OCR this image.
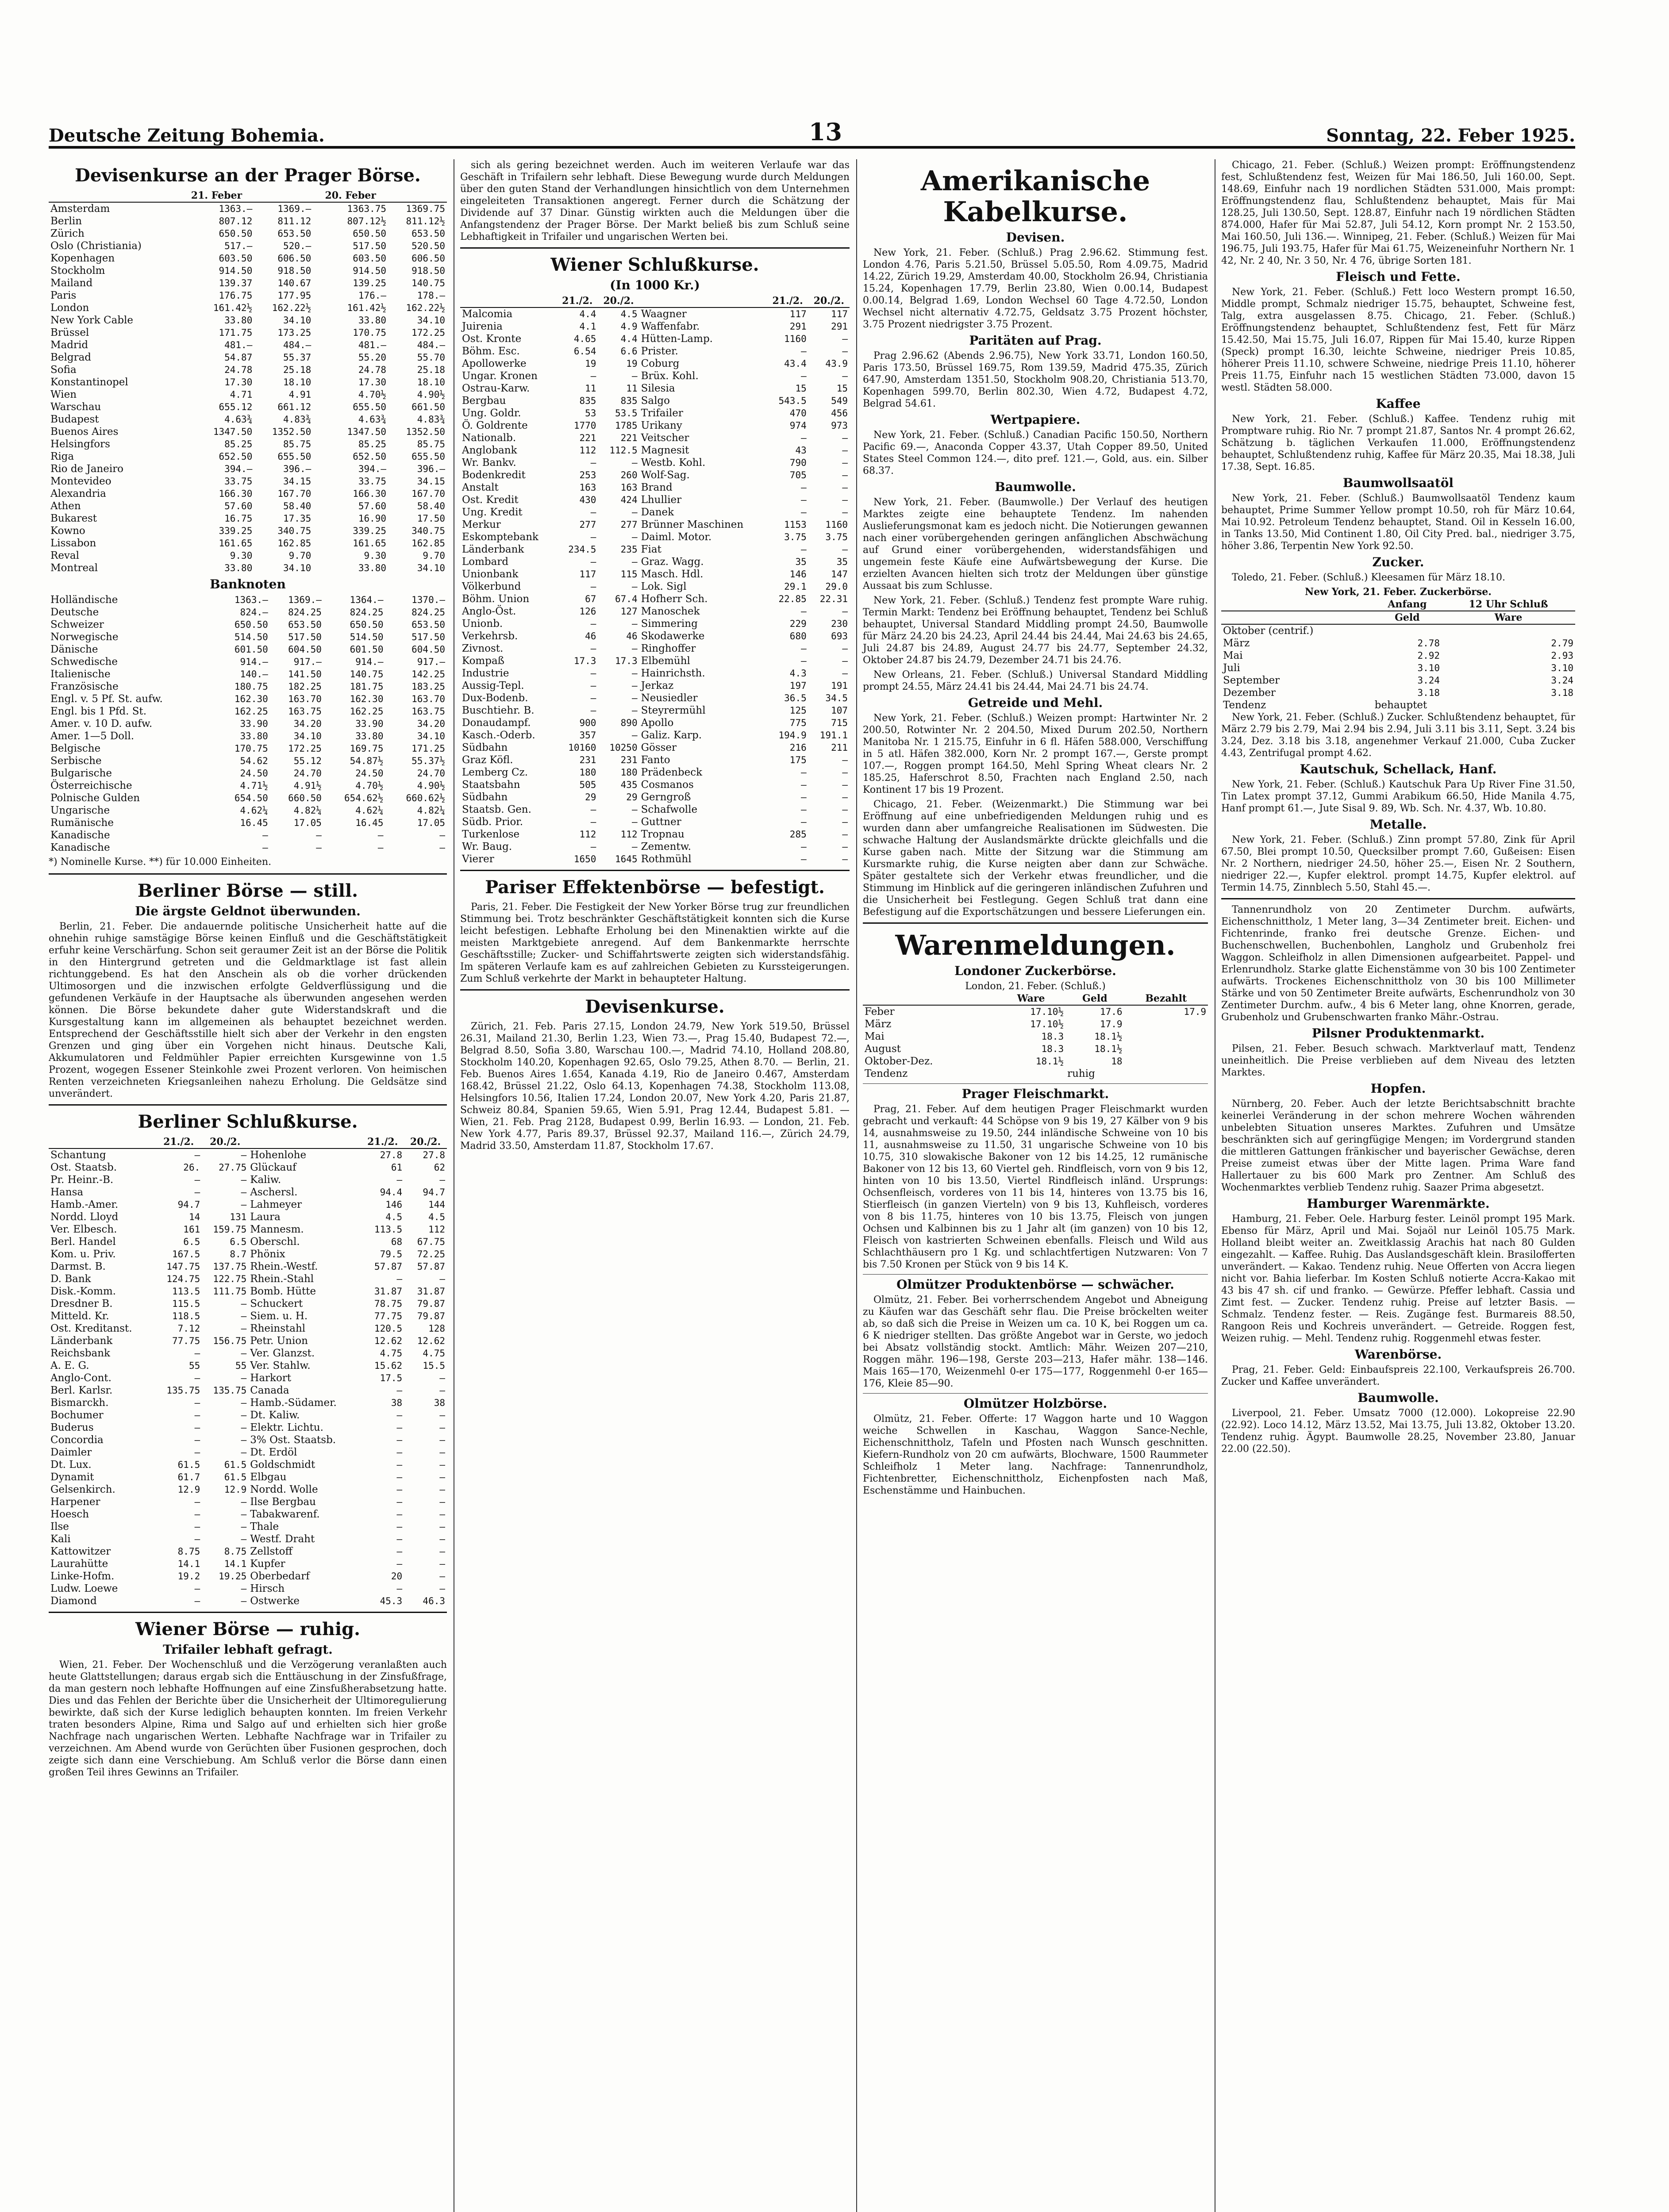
Deutsche Zeitung Bohemia.	13	Sonntag, 22. Feber 1925.
Devisenkurse an der Prager Börse.
	21. Feber		20. Feber	
Amsterdam	1363.—	1369.—	1363.75	1369.75
Berlin	807.12	811.12	807.12½	811.12½
Zürich	650.50	653.50	650.50	653.50
Oslo (Christiania)	517.—	520.—	517.50	520.50
Kopenhagen	603.50	606.50	603.50	606.50
Stockholm	914.50	918.50	914.50	918.50
Mailand	139.37	140.67	139.25	140.75
Paris	176.75	177.95	176.—	178.—
London	161.42½	162.22½	161.42½	162.22½
New York Cable	33.80	34.10	33.80	34.10
Brüssel	171.75	173.25	170.75	172.25
Madrid	481.—	484.—	481.—	484.—
Belgrad	54.87	55.37	55.20	55.70
Sofia	24.78	25.18	24.78	25.18
Konstantinopel	17.30	18.10	17.30	18.10
Wien	4.71	4.91	4.70½	4.90½
Warschau	655.12	661.12	655.50	661.50
Budapest	4.63¾	4.83¾	4.63¾	4.83¾
Buenos Aires	1347.50	1352.50	1347.50	1352.50
Helsingfors	85.25	85.75	85.25	85.75
Riga	652.50	655.50	652.50	655.50
Rio de Janeiro	394.—	396.—	394.—	396.—
Montevideo	33.75	34.15	33.75	34.15
Alexandria	166.30	167.70	166.30	167.70
Athen	57.60	58.40	57.60	58.40
Bukarest	16.75	17.35	16.90	17.50
Kowno	339.25	340.75	339.25	340.75
Lissabon	161.65	162.85	161.65	162.85
Reval	9.30	9.70	9.30	9.70
Montreal	33.80	34.10	33.80	34.10
Banknoten
Holländische	1363.—	1369.—	1364.—	1370.—
Deutsche	824.—	824.25	824.25	824.25
Schweizer	650.50	653.50	650.50	653.50
Norwegische	514.50	517.50	514.50	517.50
Dänische	601.50	604.50	601.50	604.50
Schwedische	914.—	917.—	914.—	917.—
Italienische	140.—	141.50	140.75	142.25
Französische	180.75	182.25	181.75	183.25
Engl. v. 5 Pf. St. aufw.	162.30	163.70	162.30	163.70
Engl. bis 1 Pfd. St.	162.25	163.75	162.25	163.75
Amer. v. 10 D. aufw.	33.90	34.20	33.90	34.20
Amer. 1—5 Doll.	33.80	34.10	33.80	34.10
Belgische	170.75	172.25	169.75	171.25
Serbische	54.62	55.12	54.87½	55.37½
Bulgarische	24.50	24.70	24.50	24.70
Österreichische	4.71½	4.91½	4.70½	4.90½
Polnische Gulden	654.50	660.50	654.62½	660.62½
Ungarische	4.62¼	4.82¼	4.62¼	4.82¼
Rumänische	16.45	17.05	16.45	17.05
Kanadische	—	—	—	—
Kanadische	—	—	—	—
*) Nominelle Kurse. **) für 10.000 Einheiten.
Berliner Börse — still.
Die ärgste Geldnot überwunden.

Berlin, 21. Feber. Die andauernde politische Unsicherheit hatte auf die ohnehin ruhige samstägige Börse keinen Einfluß und die Geschäftstätigkeit erfuhr keine Verschärfung. Schon seit geraumer Zeit ist an der Börse die Politik in den Hintergrund getreten und die Geldmarktlage ist fast allein richtunggebend. Es hat den Anschein als ob die vorher drückenden Ultimosorgen und die inzwischen erfolgte Geldverflüssigung und die gefundenen Verkäufe in der Hauptsache als überwunden angesehen werden können. Die Börse bekundete daher gute Widerstandskraft und die Kursgestaltung kann im allgemeinen als behauptet bezeichnet werden. Entsprechend der Geschäftsstille hielt sich aber der Verkehr in den engsten Grenzen und ging über ein Vorgehen nicht hinaus. Deutsche Kali, Akkumulatoren und Feldmühler Papier erreichten Kursgewinne von 1.5 Prozent, wogegen Essener Steinkohle zwei Prozent verloren. Von heimischen Renten verzeichneten Kriegsanleihen nahezu Erholung. Die Geldsätze sind unverändert.

Berliner Schlußkurse.
	21./2.	20./2.		21./2.	20./2.
Schantung	—	—	Hohenlohe	27.8	27.8
Ost. Staatsb.	26.	27.75	Glückauf	61	62
Pr. Heinr.-B.	—	—	Kaliw.	—	—
Hansa	—	—	Aschersl.	94.4	94.7
Hamb.-Amer.	94.7	—	Lahmeyer	146	144
Nordd. Lloyd	14	131	Laura	4.5	4.5
Ver. Elbesch.	161	159.75	Mannesm.	113.5	112
Berl. Handel	6.5	6.5	Oberschl.	68	67.75
Kom. u. Priv.	167.5	8.7	Phönix	79.5	72.25
Darmst. B.	147.75	137.75	Rhein.-Westf.	57.87	57.87
D. Bank	124.75	122.75	Rhein.-Stahl	—	—
Disk.-Komm.	113.5	111.75	Bomb. Hütte	31.87	31.87
Dresdner B.	115.5	—	Schuckert	78.75	79.87
Mitteld. Kr.	118.5	—	Siem. u. H.	77.75	79.87
Ost. Kreditanst.	7.12	—	Rheinstahl	120.5	128
Länderbank	77.75	156.75	Petr. Union	12.62	12.62
Reichsbank	—	—	Ver. Glanzst.	4.75	4.75
A. E. G.	55	55	Ver. Stahlw.	15.62	15.5
Anglo-Cont.	—	—	Harkort	17.5	—
Berl. Karlsr.	135.75	135.75	Canada	—	—
Bismarckh.	—	—	Hamb.-Südamer.	38	38
Bochumer	—	—	Dt. Kaliw.	—	—
Buderus	—	—	Elektr. Lichtu.	—	—
Concordia	—	—	3% Ost. Staatsb.	—	—
Daimler	—	—	Dt. Erdöl	—	—
Dt. Lux.	61.5	61.5	Goldschmidt	—	—
Dynamit	61.7	61.5	Elbgau	—	—
Gelsenkirch.	12.9	12.9	Nordd. Wolle	—	—
Harpener	—	—	Ilse Bergbau	—	—
Hoesch	—	—	Tabakwarenf.	—	—
Ilse	—	—	Thale	—	—
Kali	—	—	Westf. Draht	—	—
Kattowitzer	8.75	8.75	Zellstoff	—	—
Laurahütte	14.1	14.1	Kupfer	—	—
Linke-Hofm.	19.2	19.25	Oberbedarf	20	—
Ludw. Loewe	—	—	Hirsch	—	—
Diamond	—	—	Ostwerke	45.3	46.3
Wiener Börse — ruhig.
Trifailer lebhaft gefragt.

Wien, 21. Feber. Der Wochenschluß und die Verzögerung veranlaßten auch heute Glattstellungen; daraus ergab sich die Enttäuschung in der Zinsfußfrage, da man gestern noch lebhafte Hoffnungen auf eine Zinsfußherabsetzung hatte. Dies und das Fehlen der Berichte über die Unsicherheit der Ultimoregulierung bewirkte, daß sich der Kurse lediglich behaupten konnten. Im freien Verkehr traten besonders Alpine, Rima und Salgo auf und erhielten sich hier große Nachfrage nach ungarischen Werten. Lebhafte Nachfrage war in Trifailer zu verzeichnen. Am Abend wurde von Gerüchten über Fusionen gesprochen, doch zeigte sich dann eine Verschiebung. Am Schluß verlor die Börse dann einen großen Teil ihres Gewinns an Trifailer.

sich als gering bezeichnet werden. Auch im weiteren Verlaufe war das Geschäft in Trifailern sehr lebhaft. Diese Bewegung wurde durch Meldungen über den guten Stand der Verhandlungen hinsichtlich von dem Unternehmen eingeleiteten Transaktionen angeregt. Ferner durch die Schätzung der Dividende auf 37 Dinar. Günstig wirkten auch die Meldungen über die Anfangstendenz der Prager Börse. Der Markt beließ bis zum Schluß seine Lebhaftigkeit in Trifailer und ungarischen Werten bei.

Wiener Schlußkurse.
(In 1000 Kr.)
	21./2.	20./2.		21./2.	20./2.
Malcomia	4.4	4.5	Waagner	117	117
Juirenia	4.1	4.9	Waffenfabr.	291	291
Ost. Kronte	4.65	4.4	Hütten-Lamp.	1160	—
Böhm. Esc.	6.54	6.6	Prister.	—	—
Apollowerke	19	19	Coburg	43.4	43.9
Ungar. Kronen	—	—	Brüx. Kohl.	—	—
Ostrau-Karw.	11	11	Silesia	15	15
Bergbau	835	835	Salgo	543.5	549
Ung. Goldr.	53	53.5	Trifailer	470	456
Ö. Goldrente	1770	1785	Urikany	974	973
Nationalb.	221	221	Veitscher	—	—
Anglobank	112	112.5	Magnesit	43	—
Wr. Bankv.	—	—	Westb. Kohl.	790	—
Bodenkredit	253	260	Wolf-Sag.	705	—
Anstalt	163	163	Brand	—	—
Ost. Kredit	430	424	Lhullier	—	—
Ung. Kredit	—	—	Danek	—	—
Merkur	277	277	Brünner Maschinen	1153	1160
Eskomptebank	—	—	Daiml. Motor.	3.75	3.75
Länderbank	234.5	235	Fiat	—	—
Lombard	—	—	Graz. Wagg.	35	35
Unionbank	117	115	Masch. Hdl.	146	147
Völkerbund	—	—	Lok. Sigl	29.1	29.0
Böhm. Union	67	67.4	Hofherr Sch.	22.85	22.31
Anglo-Öst.	126	127	Manoschek	—	—
Unionb.	—	—	Simmering	229	230
Verkehrsb.	46	46	Skodawerke	680	693
Zivnost.	—	—	Ringhoffer	—	—
Kompaß	17.3	17.3	Elbemühl	—	—
Industrie	—	—	Hainrichsth.	4.3	—
Aussig-Tepl.	—	—	Jerkaz	197	191
Dux-Bodenb.	—	—	Neusiedler	36.5	34.5
Buschtiehr. B.	—	—	Steyrermühl	125	107
Donaudampf.	900	890	Apollo	775	715
Kasch.-Oderb.	357	—	Galiz. Karp.	194.9	191.1
Südbahn	10160	10250	Gösser	216	211
Graz Köfl.	231	231	Fanto	175	—
Lemberg Cz.	180	180	Prädenbeck	—	—
Staatsbahn	505	435	Cosmanos	—	—
Südbahn	29	29	Gerngroß	—	—
Staatsb. Gen.	—	—	Schafwolle	—	—
Südb. Prior.	—	—	Guttner	—	—
Turkenlose	112	112	Tropnau	285	—
Wr. Baug.	—	—	Zementw.	—	—
Vierer	1650	1645	Rothmühl	—	—
Pariser Effektenbörse — befestigt.

Paris, 21. Feber. Die Festigkeit der New Yorker Börse trug zur freundlichen Stimmung bei. Trotz beschränkter Geschäftstätigkeit konnten sich die Kurse leicht befestigen. Lebhafte Erholung bei den Minenaktien wirkte auf die meisten Marktgebiete anregend. Auf dem Bankenmarkte herrschte Geschäftsstille; Zucker- und Schiffahrtswerte zeigten sich widerstandsfähig. Im späteren Verlaufe kam es auf zahlreichen Gebieten zu Kurssteigerungen. Zum Schluß verkehrte der Markt in behaupteter Haltung.

Devisenkurse.

Zürich, 21. Feb. Paris 27.15, London 24.79, New York 519.50, Brüssel 26.31, Mailand 21.30, Berlin 1.23, Wien 73.—, Prag 15.40, Budapest 72.—, Belgrad 8.50, Sofia 3.80, Warschau 100.—, Madrid 74.10, Holland 208.80, Stockholm 140.20, Kopenhagen 92.65, Oslo 79.25, Athen 8.70. — Berlin, 21. Feb. Buenos Aires 1.654, Kanada 4.19, Rio de Janeiro 0.467, Amsterdam 168.42, Brüssel 21.22, Oslo 64.13, Kopenhagen 74.38, Stockholm 113.08, Helsingfors 10.56, Italien 17.24, London 20.07, New York 4.20, Paris 21.87, Schweiz 80.84, Spanien 59.65, Wien 5.91, Prag 12.44, Budapest 5.81. — Wien, 21. Feb. Prag 2128, Budapest 0.99, Berlin 16.93. — London, 21. Feb. New York 4.77, Paris 89.37, Brüssel 92.37, Mailand 116.—, Zürich 24.79, Madrid 33.50, Amsterdam 11.87, Stockholm 17.67.

Amerikanische Kabelkurse.
Devisen.

New York, 21. Feber. (Schluß.) Prag 2.96.62. Stimmung fest. London 4.76, Paris 5.21.50, Brüssel 5.05.50, Rom 4.09.75, Madrid 14.22, Zürich 19.29, Amsterdam 40.00, Stockholm 26.94, Christiania 15.24, Kopenhagen 17.79, Berlin 23.80, Wien 0.00.14, Budapest 0.00.14, Belgrad 1.69, London Wechsel 60 Tage 4.72.50, London Wechsel nicht alternativ 4.72.75, Geldsatz 3.75 Prozent höchster, 3.75 Prozent niedrigster 3.75 Prozent.

Paritäten auf Prag.

Prag 2.96.62 (Abends 2.96.75), New York 33.71, London 160.50, Paris 173.50, Brüssel 169.75, Rom 139.59, Madrid 475.35, Zürich 647.90, Amsterdam 1351.50, Stockholm 908.20, Christiania 513.70, Kopenhagen 599.70, Berlin 802.30, Wien 4.72, Budapest 4.72, Belgrad 54.61.

Wertpapiere.

New York, 21. Feber. (Schluß.) Canadian Pacific 150.50, Northern Pacific 69.—, Anaconda Copper 43.37, Utah Copper 89.50, United States Steel Common 124.—, dito pref. 121.—, Gold, aus. ein. Silber 68.37.

Baumwolle.

New York, 21. Feber. (Baumwolle.) Der Verlauf des heutigen Marktes zeigte eine behauptete Tendenz. Im nahenden Auslieferungsmonat kam es jedoch nicht. Die Notierungen gewannen nach einer vorübergehenden geringen anfänglichen Abschwächung auf Grund einer vorübergehenden, widerstandsfähigen und ungemein feste Käufe eine Aufwärtsbewegung der Kurse. Die erzielten Avancen hielten sich trotz der Meldungen über günstige Aussaat bis zum Schlusse.

New York, 21. Feber. (Schluß.) Tendenz fest prompte Ware ruhig. Termin Markt: Tendenz bei Eröffnung behauptet, Tendenz bei Schluß behauptet, Universal Standard Middling prompt 24.50, Baumwolle für März 24.20 bis 24.23, April 24.44 bis 24.44, Mai 24.63 bis 24.65, Juli 24.87 bis 24.89, August 24.77 bis 24.77, September 24.32, Oktober 24.87 bis 24.79, Dezember 24.71 bis 24.76.

New Orleans, 21. Feber. (Schluß.) Universal Standard Middling prompt 24.55, März 24.41 bis 24.44, Mai 24.71 bis 24.74.

Getreide und Mehl.

New York, 21. Feber. (Schluß.) Weizen prompt: Hartwinter Nr. 2 200.50, Rotwinter Nr. 2 204.50, Mixed Durum 202.50, Northern Manitoba Nr. 1 215.75, Einfuhr in 6 fl. Häfen 588.000, Verschiffung in 5 atl. Häfen 382.000, Korn Nr. 2 prompt 167.—, Gerste prompt 107.—, Roggen prompt 164.50, Mehl Spring Wheat clears Nr. 2 185.25, Haferschrot 8.50, Frachten nach England 2.50, nach Kontinent 17 bis 19 Prozent.

Chicago, 21. Feber. (Weizenmarkt.) Die Stimmung war bei Eröffnung auf eine unbefriedigenden Meldungen ruhig und es wurden dann aber umfangreiche Realisationen im Südwesten. Die schwache Haltung der Auslandsmärkte drückte gleichfalls und die Kurse gaben nach. Mitte der Sitzung war die Stimmung am Kursmarkte ruhig, die Kurse neigten aber dann zur Schwäche. Später gestaltete sich der Verkehr etwas freundlicher, und die Stimmung im Hinblick auf die geringeren inländischen Zufuhren und die Unsicherheit bei Festlegung. Gegen Schluß trat dann eine Befestigung auf die Exportschätzungen und bessere Lieferungen ein.

Warenmeldungen.
Londoner Zuckerbörse.
London, 21. Feber. (Schluß.)
	Ware	Geld	Bezahlt
Feber	17.10½	17.6	17.9
März	17.10½	17.9	
Mai	18.3	18.1½	
August	18.3	18.1½	
Oktober-Dez.	18.1½	18	
Tendenz		ruhig	
Prager Fleischmarkt.

Prag, 21. Feber. Auf dem heutigen Prager Fleischmarkt wurden gebracht und verkauft: 44 Schöpse von 9 bis 19, 27 Kälber von 9 bis 14, ausnahmsweise zu 19.50, 244 inländische Schweine von 10 bis 11, ausnahmsweise zu 11.50, 31 ungarische Schweine von 10 bis 10.75, 310 slowakische Bakoner von 12 bis 14.25, 12 rumänische Bakoner von 12 bis 13, 60 Viertel geh. Rindfleisch, vorn von 9 bis 12, hinten von 10 bis 13.50, Viertel Rindfleisch inländ. Ursprungs: Ochsenfleisch, vorderes von 11 bis 14, hinteres von 13.75 bis 16, Stierfleisch (in ganzen Vierteln) von 9 bis 13, Kuhfleisch, vorderes von 8 bis 11.75, hinteres von 10 bis 13.75, Fleisch von jungen Ochsen und Kalbinnen bis zu 1 Jahr alt (im ganzen) von 10 bis 12, Fleisch von kastrierten Schweinen ebenfalls. Fleisch und Wild aus Schlachthäusern pro 1 Kg. und schlachtfertigen Nutzwaren: Von 7 bis 7.50 Kronen per Stück von 9 bis 14 K.

Olmützer Produktenbörse — schwächer.

Olmütz, 21. Feber. Bei vorherrschendem Angebot und Abneigung zu Käufen war das Geschäft sehr flau. Die Preise bröckelten weiter ab, so daß sich die Preise in Weizen um ca. 10 K, bei Roggen um ca. 6 K niedriger stellten. Das größte Angebot war in Gerste, wo jedoch bei Absatz vollständig stockt. Amtlich: Mähr. Weizen 207—210, Roggen mähr. 196—198, Gerste 203—213, Hafer mähr. 138—146. Mais 165—170, Weizenmehl 0-er 175—177, Roggenmehl 0-er 165—176, Kleie 85—90.

Olmützer Holzbörse.

Olmütz, 21. Feber. Offerte: 17 Waggon harte und 10 Waggon weiche Schwellen in Kaschau, Waggon Sance-Nechle, Eichenschnittholz, Tafeln und Pfosten nach Wunsch geschnitten. Kiefern-Rundholz von 20 cm aufwärts, Blochware, 1500 Raummeter Schleifholz 1 Meter lang. Nachfrage: Tannenrundholz, Fichtenbretter, Eichenschnittholz, Eichenpfosten nach Maß, Eschenstämme und Hainbuchen.

Chicago, 21. Feber. (Schluß.) Weizen prompt: Eröffnungstendenz fest, Schlußtendenz fest, Weizen für Mai 186.50, Juli 160.00, Sept. 148.69, Einfuhr nach 19 nordlichen Städten 531.000, Mais prompt: Eröffnungstendenz flau, Schlußtendenz behauptet, Mais für Mai 128.25, Juli 130.50, Sept. 128.87, Einfuhr nach 19 nördlichen Städten 874.000, Hafer für Mai 52.87, Juli 54.12, Korn prompt Nr. 2 153.50, Mai 160.50, Juli 136.—. Winnipeg, 21. Feber. (Schluß.) Weizen für Mai 196.75, Juli 193.75, Hafer für Mai 61.75, Weizeneinfuhr Northern Nr. 1 42, Nr. 2 40, Nr. 3 50, Nr. 4 76, übrige Sorten 181.

Fleisch und Fette.

New York, 21. Feber. (Schluß.) Fett loco Western prompt 16.50, Middle prompt, Schmalz niedriger 15.75, behauptet, Schweine fest, Talg, extra ausgelassen 8.75. Chicago, 21. Feber. (Schluß.) Eröffnungstendenz behauptet, Schlußtendenz fest, Fett für März 15.42.50, Mai 15.75, Juli 16.07, Rippen für Mai 15.40, kurze Rippen (Speck) prompt 16.30, leichte Schweine, niedriger Preis 10.85, höherer Preis 11.10, schwere Schweine, niedrige Preis 11.10, höherer Preis 11.75, Einfuhr nach 15 westlichen Städten 73.000, davon 15 westl. Städten 58.000.

Kaffee

New York, 21. Feber. (Schluß.) Kaffee. Tendenz ruhig mit Promptware ruhig. Rio Nr. 7 prompt 21.87, Santos Nr. 4 prompt 26.62, Schätzung b. täglichen Verkaufen 11.000, Eröffnungstendenz behauptet, Schlußtendenz ruhig, Kaffee für März 20.35, Mai 18.38, Juli 17.38, Sept. 16.85.

Baumwollsaatöl

New York, 21. Feber. (Schluß.) Baumwollsaatöl Tendenz kaum behauptet, Prime Summer Yellow prompt 10.50, roh für März 10.64, Mai 10.92. Petroleum Tendenz behauptet, Stand. Oil in Kesseln 16.00, in Tanks 13.50, Mid Continent 1.80, Oil City Pred. bal., niedriger 3.75, höher 3.86, Terpentin New York 92.50.

Zucker.

Toledo, 21. Feber. (Schluß.) Kleesamen für März 18.10.

New York, 21. Feber. Zuckerbörse.
	Anfang	12 Uhr Schluß
	Geld	Ware
Oktober (centrif.)		
März	2.78	2.79
Mai	2.92	2.93
Juli	3.10	3.10
September	3.24	3.24
Dezember	3.18	3.18
Tendenz	behauptet	

New York, 21. Feber. (Schluß.) Zucker. Schlußtendenz behauptet, für März 2.79 bis 2.79, Mai 2.94 bis 2.94, Juli 3.11 bis 3.11, Sept. 3.24 bis 3.24, Dez. 3.18 bis 3.18, angenehmer Verkauf 21.000, Cuba Zucker 4.43, Zentrifugal prompt 4.62.

Kautschuk, Schellack, Hanf.

New York, 21. Feber. (Schluß.) Kautschuk Para Up River Fine 31.50, Tin Latex prompt 37.12, Gummi Arabikum 66.50, Hide Manila 4.75, Hanf prompt 61.—, Jute Sisal 9. 89, Wb. Sch. Nr. 4.37, Wb. 10.80.

Metalle.

New York, 21. Feber. (Schluß.) Zinn prompt 57.80, Zink für April 67.50, Blei prompt 10.50, Quecksilber prompt 7.60, Gußeisen: Eisen Nr. 2 Northern, niedriger 24.50, höher 25.—, Eisen Nr. 2 Southern, niedriger 22.—, Kupfer elektrol. prompt 14.75, Kupfer elektrol. auf Termin 14.75, Zinnblech 5.50, Stahl 45.—.

Tannenrundholz von 20 Zentimeter Durchm. aufwärts, Eichenschnittholz, 1 Meter lang, 3—34 Zentimeter breit. Eichen- und Fichtenrinde, franko frei deutsche Grenze. Eichen- und Buchenschwellen, Buchenbohlen, Langholz und Grubenholz frei Waggon. Schleifholz in allen Dimensionen aufgearbeitet. Pappel- und Erlenrundholz. Starke glatte Eichenstämme von 30 bis 100 Zentimeter aufwärts. Trockenes Eichenschnittholz von 30 bis 100 Millimeter Stärke und von 50 Zentimeter Breite aufwärts, Eschenrundholz von 30 Zentimeter Durchm. aufw., 4 bis 6 Meter lang, ohne Knorren, gerade, Grubenholz und Grubenschwarten franko Mähr.-Ostrau.

Pilsner Produktenmarkt.

Pilsen, 21. Feber. Besuch schwach. Marktverlauf matt, Tendenz uneinheitlich. Die Preise verblieben auf dem Niveau des letzten Marktes.

Hopfen.

Nürnberg, 20. Feber. Auch der letzte Berichtsabschnitt brachte keinerlei Veränderung in der schon mehrere Wochen währenden unbelebten Situation unseres Marktes. Zufuhren und Umsätze beschränkten sich auf geringfügige Mengen; im Vordergrund standen die mittleren Gattungen fränkischer und bayerischer Gewächse, deren Preise zumeist etwas über der Mitte lagen. Prima Ware fand Hallertauer zu bis 600 Mark pro Zentner. Am Schluß des Wochenmarktes verblieb Tendenz ruhig. Saazer Prima abgesetzt.

Hamburger Warenmärkte.

Hamburg, 21. Feber. Oele. Harburg fester. Leinöl prompt 195 Mark. Ebenso für März, April und Mai. Sojaöl nur Leinöl 105.75 Mark. Holland bleibt weiter an. Zweitklassig Arachis hat nach 80 Gulden eingezahlt. — Kaffee. Ruhig. Das Auslandsgeschäft klein. Brasilofferten unverändert. — Kakao. Tendenz ruhig. Neue Offerten von Accra liegen nicht vor. Bahia lieferbar. Im Kosten Schluß notierte Accra-Kakao mit 43 bis 47 sh. cif und franko. — Gewürze. Pfeffer lebhaft. Cassia und Zimt fest. — Zucker. Tendenz ruhig. Preise auf letzter Basis. — Schmalz. Tendenz fester. — Reis. Zugänge fest. Burmareis 88.50, Rangoon Reis und Kochreis unverändert. — Getreide. Roggen fest, Weizen ruhig. — Mehl. Tendenz ruhig. Roggenmehl etwas fester.

Warenbörse.

Prag, 21. Feber. Geld: Einbaufspreis 22.100, Verkaufspreis 26.700. Zucker und Kaffee unverändert.

Baumwolle.

Liverpool, 21. Feber. Umsatz 7000 (12.000). Lokopreise 22.90 (22.92). Loco 14.12, März 13.52, Mai 13.75, Juli 13.82, Oktober 13.20. Tendenz ruhig. Ägypt. Baumwolle 28.25, November 23.80, Januar 22.00 (22.50).
